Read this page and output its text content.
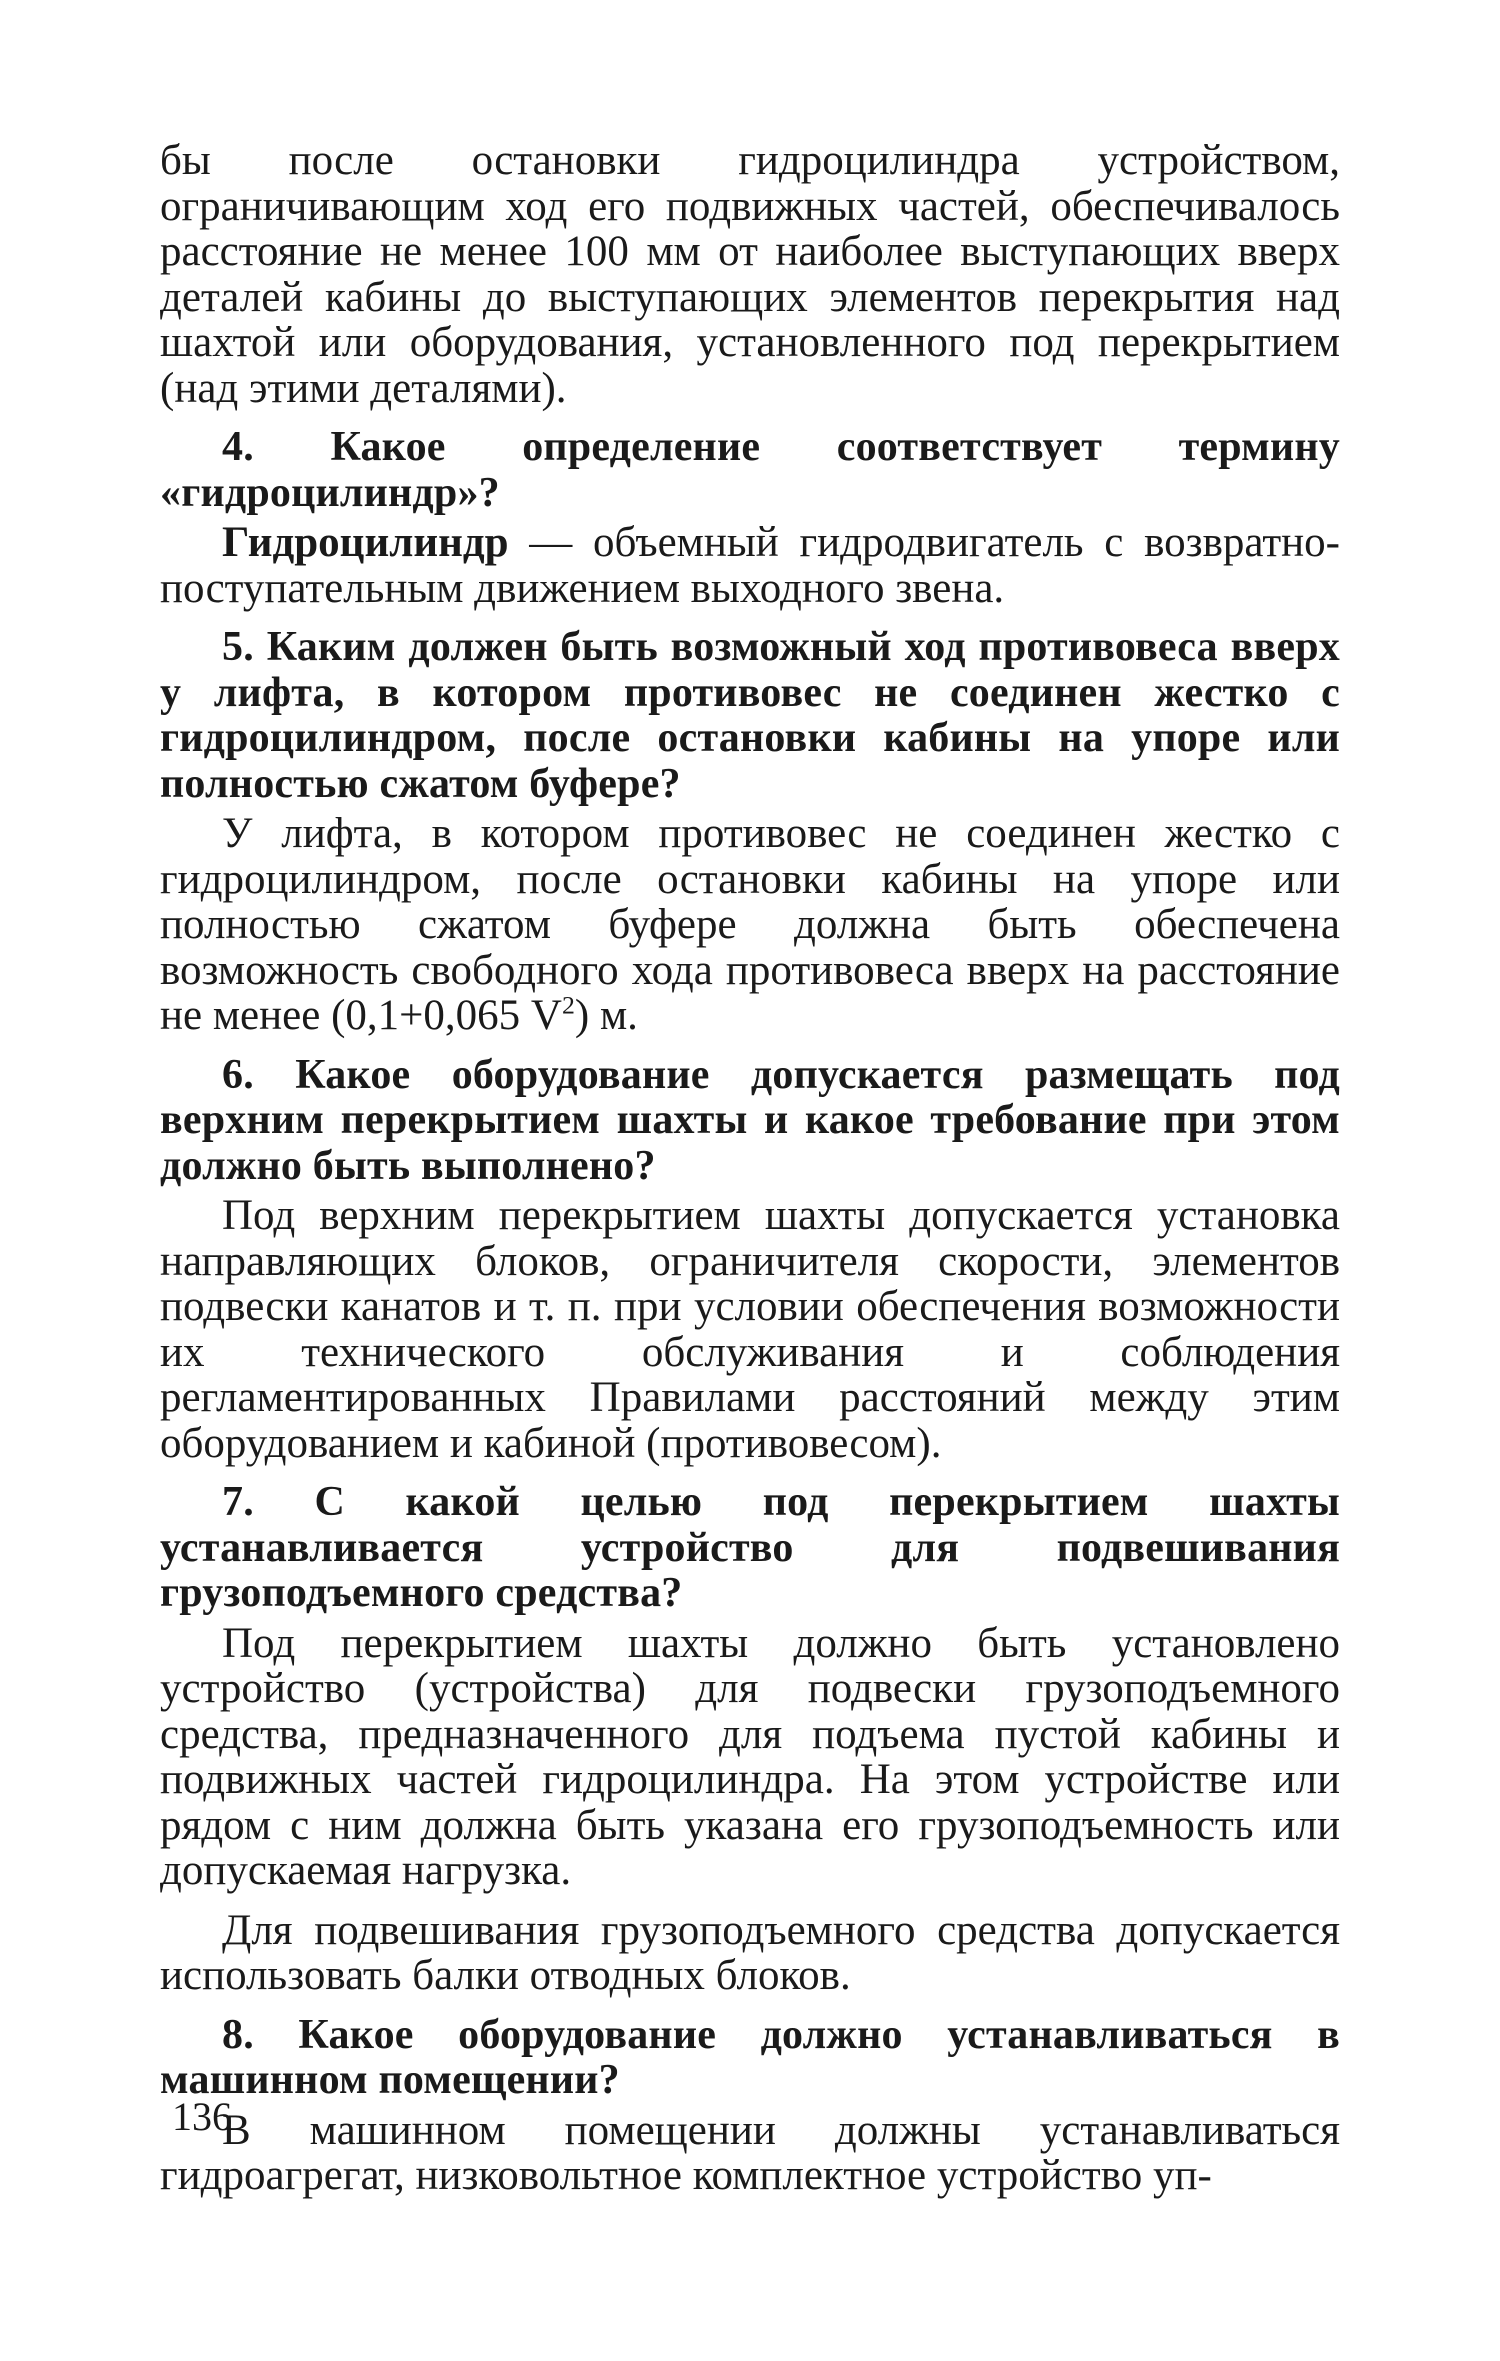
бы после остановки гидроцилиндра устройством, ограничивающим ход его подвижных частей, обеспечивалось расстояние не менее 100 мм от наиболее выступающих вверх деталей кабины до выступающих элементов перекрытия над шахтой или оборудования, установленного под перекрытием (над этими деталями).

4. Какое определение соответствует термину «гидроцилиндр»?

Гидроцилиндр — объемный гидродвигатель с возвратно-поступательным движением выходного звена.

5. Каким должен быть возможный ход противовеса вверх у лифта, в котором противовес не соединен жестко с гидроцилиндром, после остановки кабины на упоре или полностью сжатом буфере?

У лифта, в котором противовес не соединен жестко с гидроцилиндром, после остановки кабины на упоре или полностью сжатом буфере должна быть обеспечена возможность свободного хода противовеса вверх на расстояние не менее (0,1+0,065 $V^2$) м.

6. Какое оборудование допускается размещать под верхним перекрытием шахты и какое требование при этом должно быть выполнено?

Под верхним перекрытием шахты допускается установка направляющих блоков, ограничителя скорости, элементов подвески канатов и т. п. при условии обеспечения возможности их технического обслуживания и соблюдения регламентированных Правилами расстояний между этим оборудованием и кабиной (противовесом).

7. С какой целью под перекрытием шахты устанавливается устройство для подвешивания грузоподъемного средства?

Под перекрытием шахты должно быть установлено устройство (устройства) для подвески грузоподъемного средства, предназначенного для подъема пустой кабины и подвижных частей гидроцилиндра. На этом устройстве или рядом с ним должна быть указана его грузоподъемность или допускаемая нагрузка.

Для подвешивания грузоподъемного средства допускается использовать балки отводных блоков.

8. Какое оборудование должно устанавливаться в машинном помещении?

В машинном помещении должны устанавливаться гидроагрегат, низковольтное комплектное устройство уп-

136
